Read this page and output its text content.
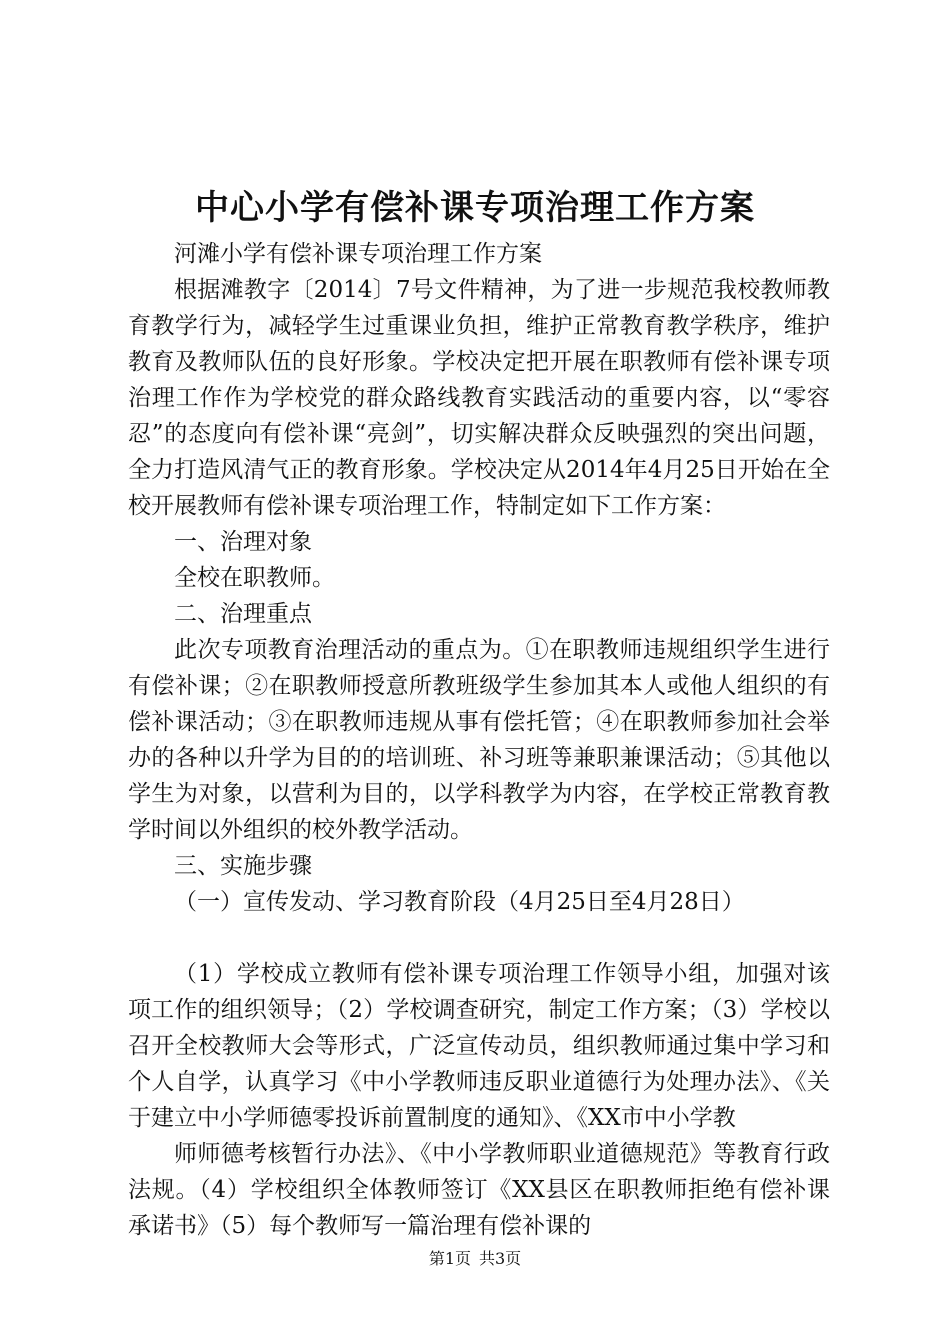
中心小学有偿补课专项治理工作方案

河滩小学有偿补课专项治理工作方案

根据滩教字〔2014〕7号文件精神，为了进一步规范我校教师教育教学行为，减轻学生过重课业负担，维护正常教育教学秩序，维护教育及教师队伍的良好形象。学校决定把开展在职教师有偿补课专项治理工作作为学校党的群众路线教育实践活动的重要内容，以“零容忍”的态度向有偿补课“亮剑”，切实解决群众反映强烈的突出问题，全力打造风清气正的教育形象。学校决定从2014年4月25日开始在全校开展教师有偿补课专项治理工作，特制定如下工作方案：

一、治理对象

全校在职教师。

二、治理重点

此次专项教育治理活动的重点为。①在职教师违规组织学生进行有偿补课；②在职教师授意所教班级学生参加其本人或他人组织的有偿补课活动；③在职教师违规从事有偿托管；④在职教师参加社会举办的各种以升学为目的的培训班、补习班等兼职兼课活动；⑤其他以学生为对象，以营利为目的，以学科教学为内容，在学校正常教育教学时间以外组织的校外教学活动。

三、实施步骤

（一）宣传发动、学习教育阶段（4月25日至4月28日）

（1）学校成立教师有偿补课专项治理工作领导小组，加强对该项工作的组织领导；（2）学校调查研究，制定工作方案；（3）学校以召开全校教师大会等形式，广泛宣传动员，组织教师通过集中学习和个人自学，认真学习《中小学教师违反职业道德行为处理办法》、《关于建立中小学师德零投诉前置制度的通知》、《XX市中小学教

师师德考核暂行办法》、《中小学教师职业道德规范》等教育行政法规。（4）学校组织全体教师签订《XX县区在职教师拒绝有偿补课承诺书》（5）每个教师写一篇治理有偿补课的

第1页 共3页
